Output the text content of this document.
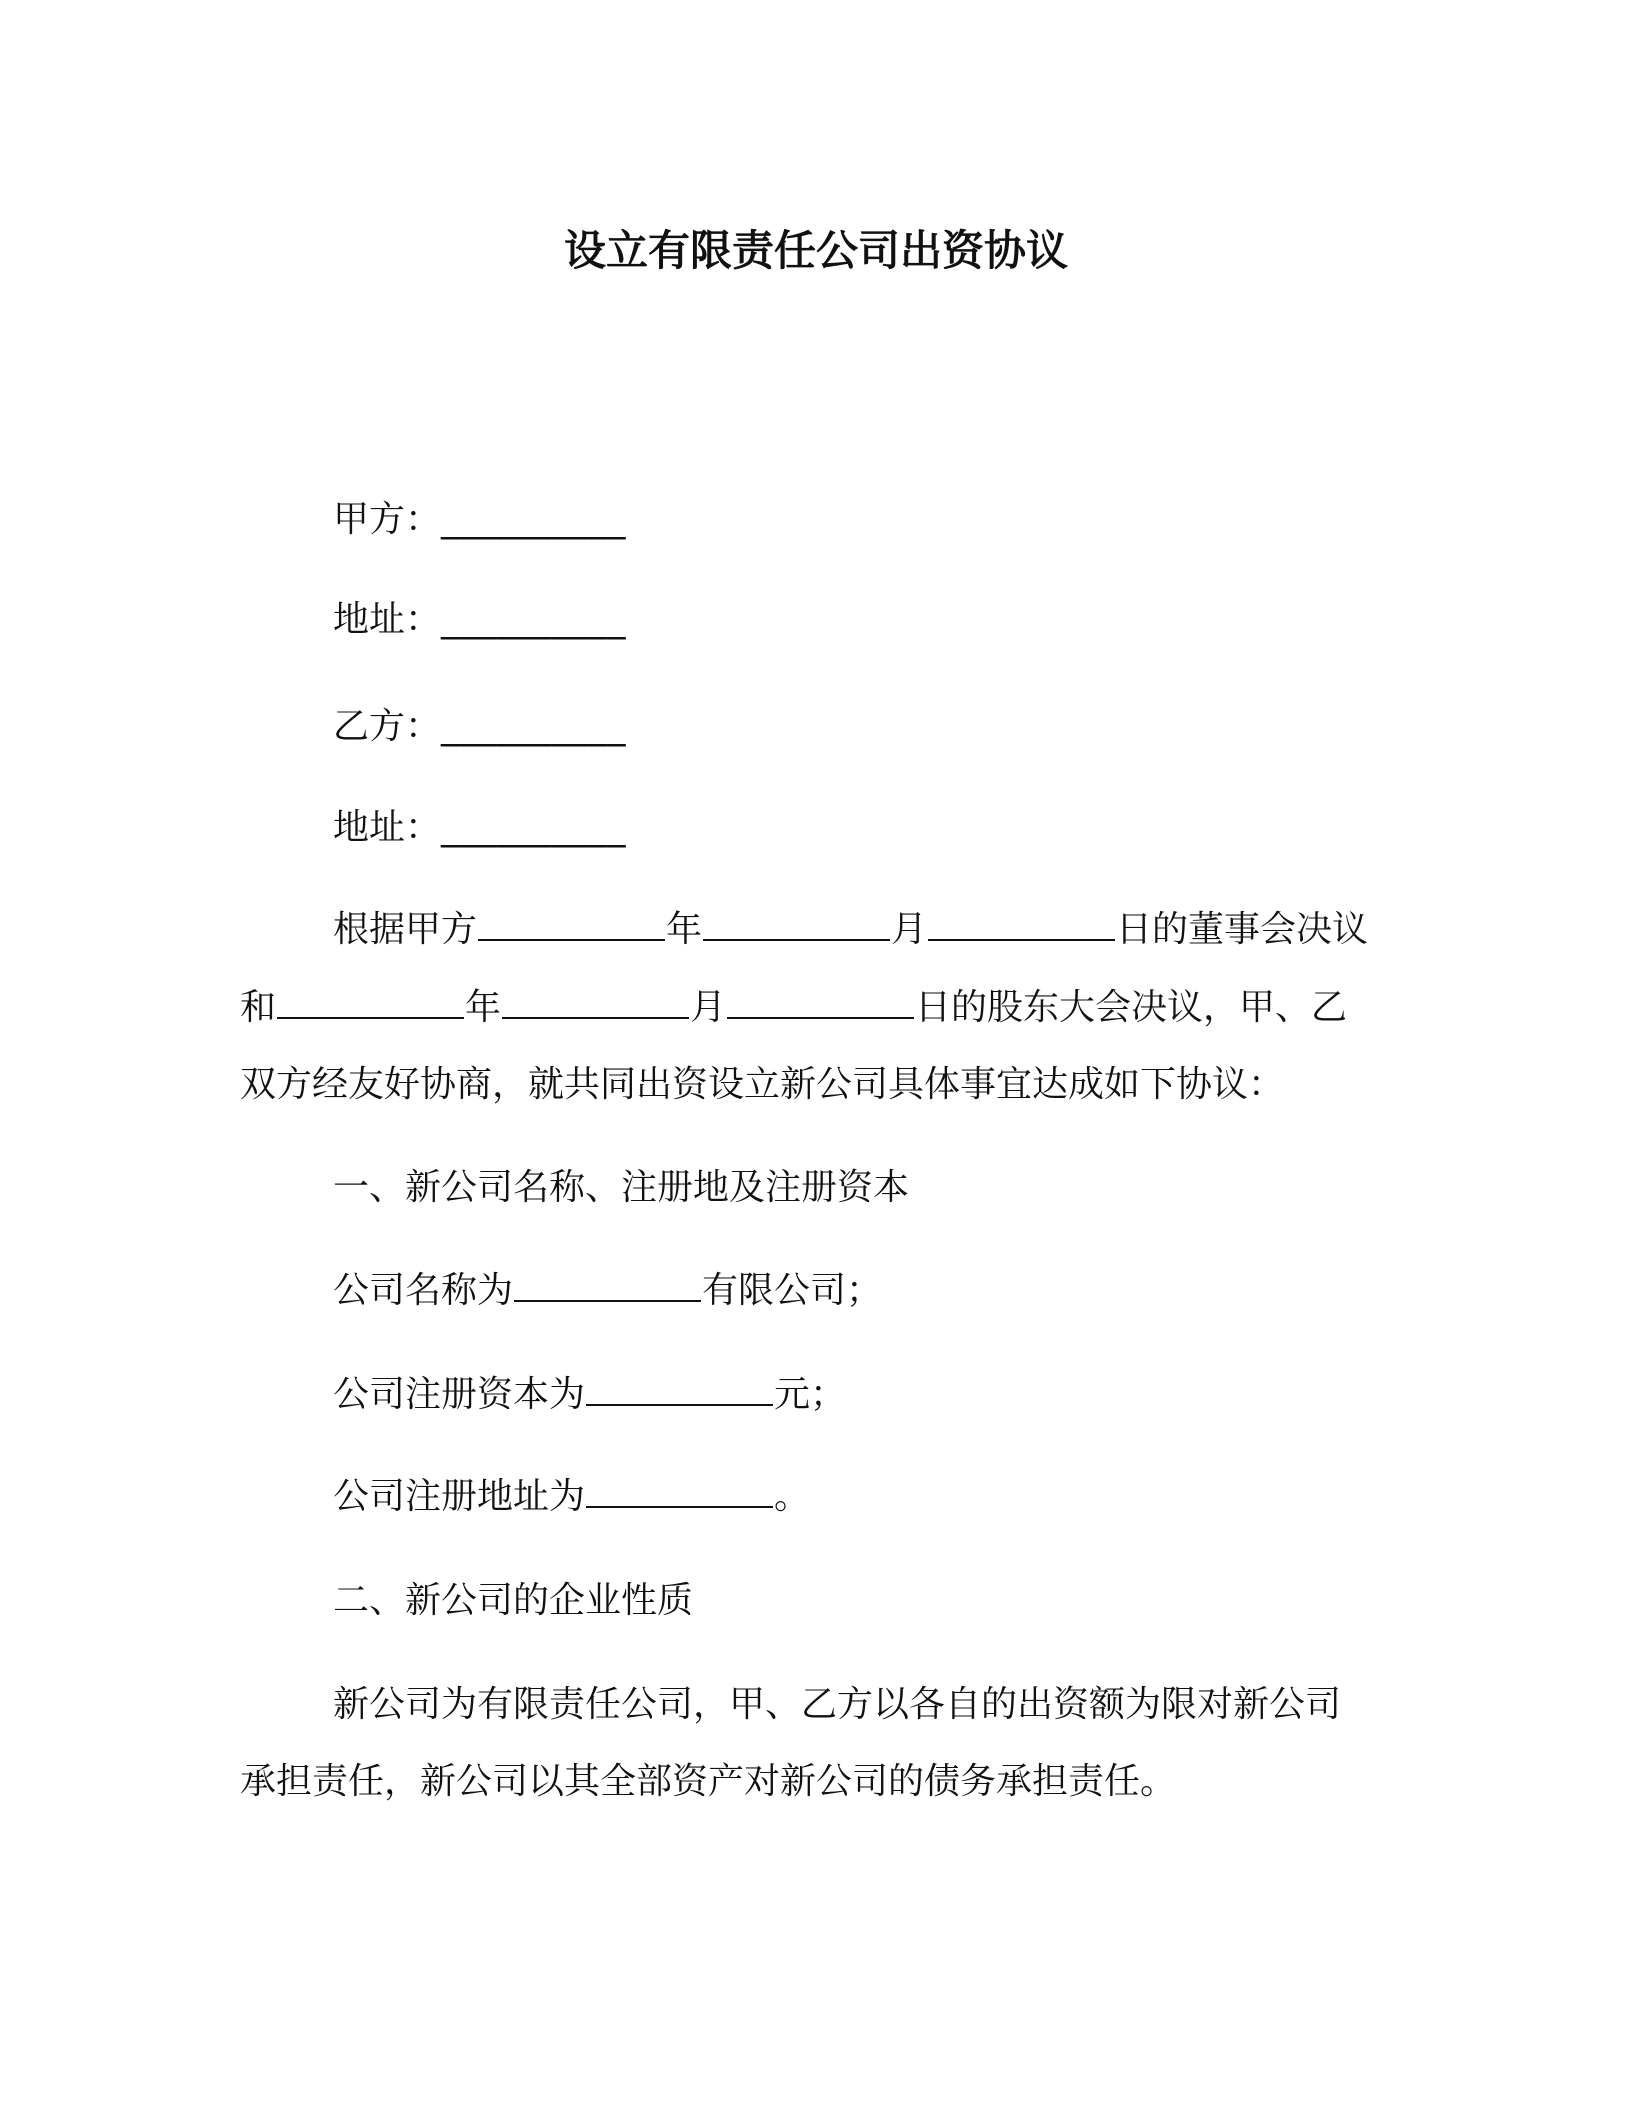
设立有限责任公司出资协议
甲方：__________
地址：__________
乙方：__________
地址：__________
根据甲方	年	月	日的董事会决议
和	年	月	日的股东大会决议，甲、乙
双方经友好协商，就共同出资设立新公司具体事宜达成如下协议：
一、新公司名称、注册地及注册资本
公司名称为	有限公司；
公司注册资本为	元；
公司注册地址为	。
二、新公司的企业性质
新公司为有限责任公司，甲、乙方以各自的出资额为限对新公司
承担责任，新公司以其全部资产对新公司的债务承担责任。
